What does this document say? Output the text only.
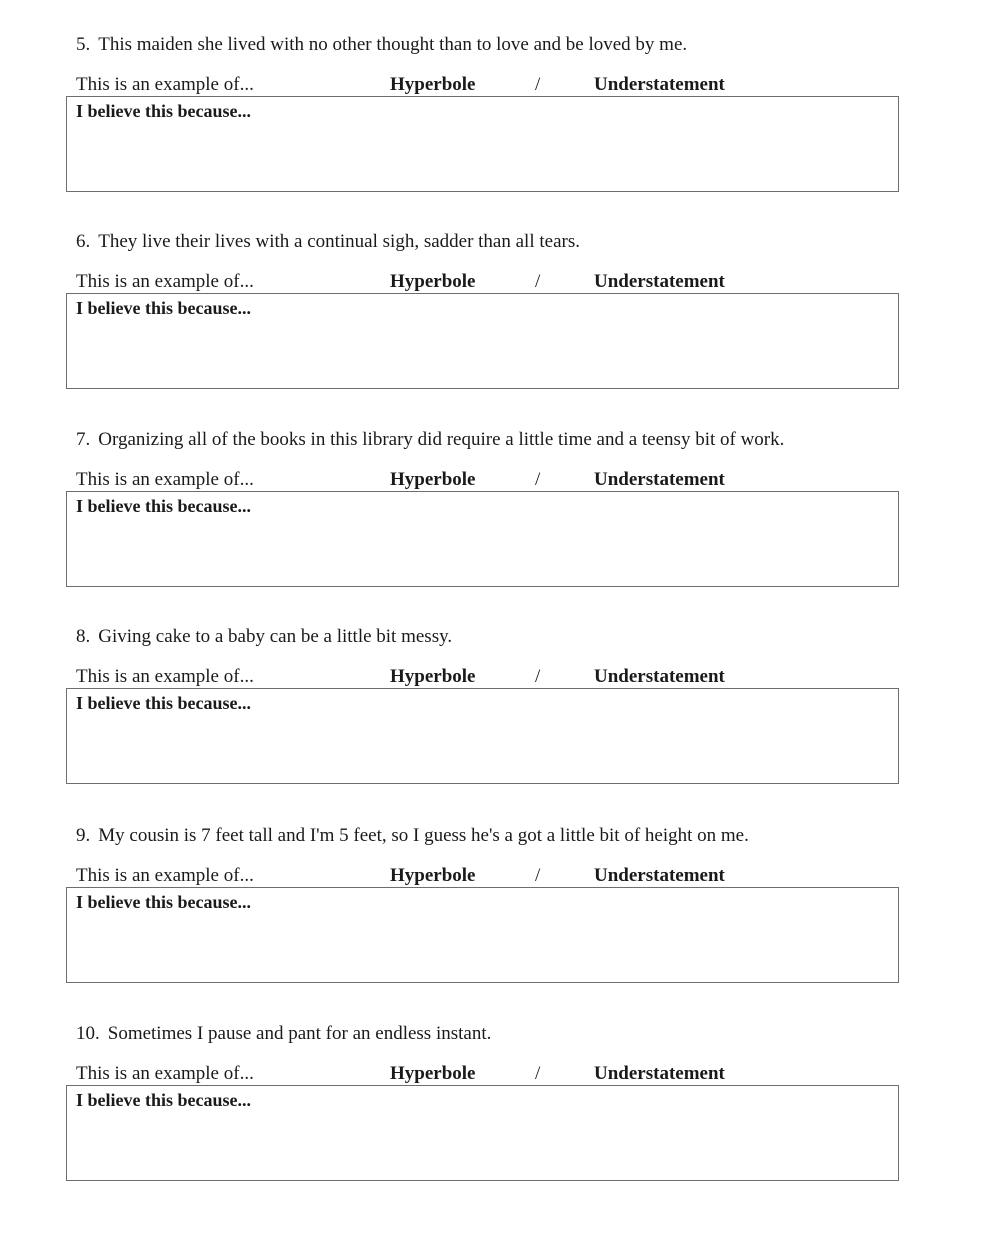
5. This maiden she lived with no other thought than to love and be loved by me.
This is an example of...	Hyperbole	/	Understatement
I believe this because...
6. They live their lives with a continual sigh, sadder than all tears.
This is an example of...	Hyperbole	/	Understatement
I believe this because...
7. Organizing all of the books in this library did require a little time and a teensy bit of work.
This is an example of...	Hyperbole	/	Understatement
I believe this because...
8. Giving cake to a baby can be a little bit messy.
This is an example of...	Hyperbole	/	Understatement
I believe this because...
9. My cousin is 7 feet tall and I'm 5 feet, so I guess he's a got a little bit of height on me.
This is an example of...	Hyperbole	/	Understatement
I believe this because...
10. Sometimes I pause and pant for an endless instant.
This is an example of...	Hyperbole	/	Understatement
I believe this because...
